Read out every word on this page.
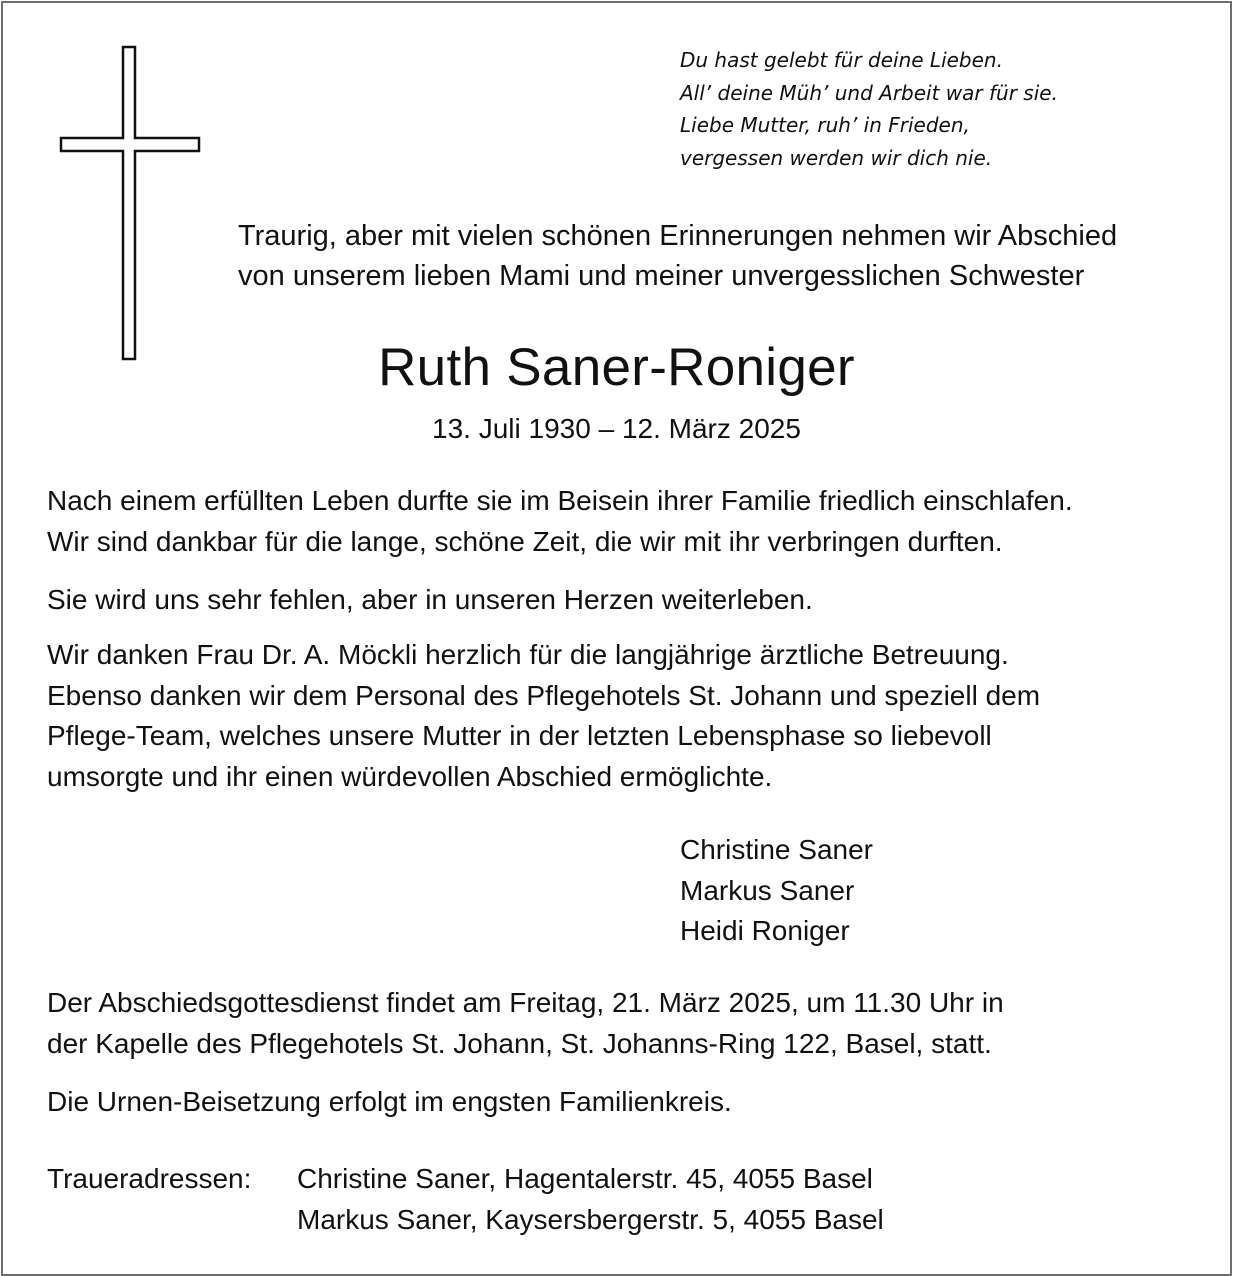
Du hast gelebt für deine Lieben.
All’ deine Müh’ und Arbeit war für sie.
Liebe Mutter, ruh’ in Frieden,
vergessen werden wir dich nie.
Traurig, aber mit vielen schönen Erinnerungen nehmen wir Abschied
von unserem lieben Mami und meiner unvergesslichen Schwester
Ruth Saner-Roniger
13. Juli 1930 – 12. März 2025
Nach einem erfüllten Leben durfte sie im Beisein ihrer Familie friedlich einschlafen.
Wir sind dankbar für die lange, schöne Zeit, die wir mit ihr verbringen durften.
Sie wird uns sehr fehlen, aber in unseren Herzen weiterleben.
Wir danken Frau Dr. A. Möckli herzlich für die langjährige ärztliche Betreuung.
Ebenso danken wir dem Personal des Pflegehotels St. Johann und speziell dem
Pflege-Team, welches unsere Mutter in der letzten Lebensphase so liebevoll
umsorgte und ihr einen würdevollen Abschied ermöglichte.
Christine Saner
Markus Saner
Heidi Roniger
Der Abschiedsgottesdienst findet am Freitag, 21. März 2025, um 11.30 Uhr in
der Kapelle des Pflegehotels St. Johann, St. Johanns-Ring 122, Basel, statt.
Die Urnen-Beisetzung erfolgt im engsten Familienkreis.
Traueradressen: Christine Saner, Hagentalerstr. 45, 4055 Basel
Markus Saner, Kaysersbergerstr. 5, 4055 Basel
